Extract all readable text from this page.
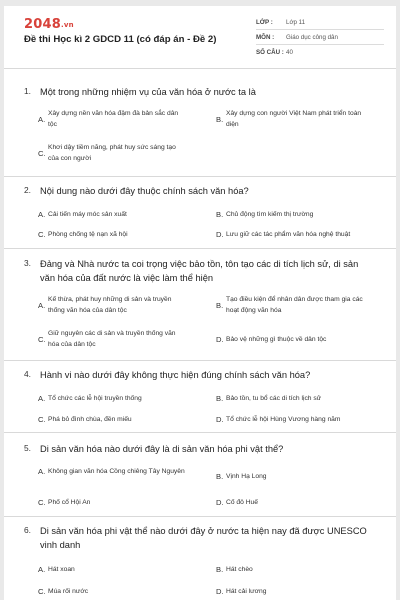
2048.vn
Đề thi Học kì 2 GDCD 11 (có đáp án - Đề 2)
LỚP :	Lớp 11
MÔN :	Giáo dục công dân
SỐ CÂU : 40
1. Một trong những nhiệm vụ của văn hóa ở nước ta là
A.
Xây dựng nền văn hóa đậm đà bản sắc dân tộc
B.
Xây dựng con người Việt Nam phát triển toàn diện
C.
Khơi dậy tiềm năng, phát huy sức sáng tạo của con người
2. Nội dung nào dưới đây thuộc chính sách văn hóa?
A. Cải tiến máy móc sản xuất	B. Chủ động tìm kiếm thị trường
C. Phòng chống tệ nạn xã hội	D. Lưu giữ các tác phẩm văn hóa nghệ thuật
3. Đảng và Nhà nước ta coi trọng việc bảo tồn, tôn tạo các di tích lịch sử, di sản văn hóa của đất nước là việc làm thể hiện
A.
Kế thừa, phát huy những di sản và truyền thống văn hóa của dân tộc
B.
Tạo điều kiện để nhân dân được tham gia các hoạt động văn hóa
C.
Giữ nguyên các di sản và truyền thống văn hóa của dân tộc
D. Bảo vệ những gì thuộc về dân tộc
4. Hành vi nào dưới đây không thực hiện đúng chính sách văn hóa?
A. Tổ chức các lễ hội truyền thống	B. Bảo tồn, tu bổ các di tích lịch sử
C. Phá bỏ đình chùa, đền miếu	D. Tổ chức lễ hội Hùng Vương hàng năm
5. Di sản văn hóa nào dưới đây là di sản văn hóa phi vật thể?
A. Không gian văn hóa Cồng chiêng Tây Nguyên
B. Vịnh Hạ Long
C. Phố cổ Hội An	D. Cố đô Huế
6. Di sản văn hóa phi vật thể nào dưới đây ở nước ta hiện nay đã được UNESCO vinh danh
A. Hát xoan	B. Hát chèo
C. Múa rối nước	D. Hát cải lương
